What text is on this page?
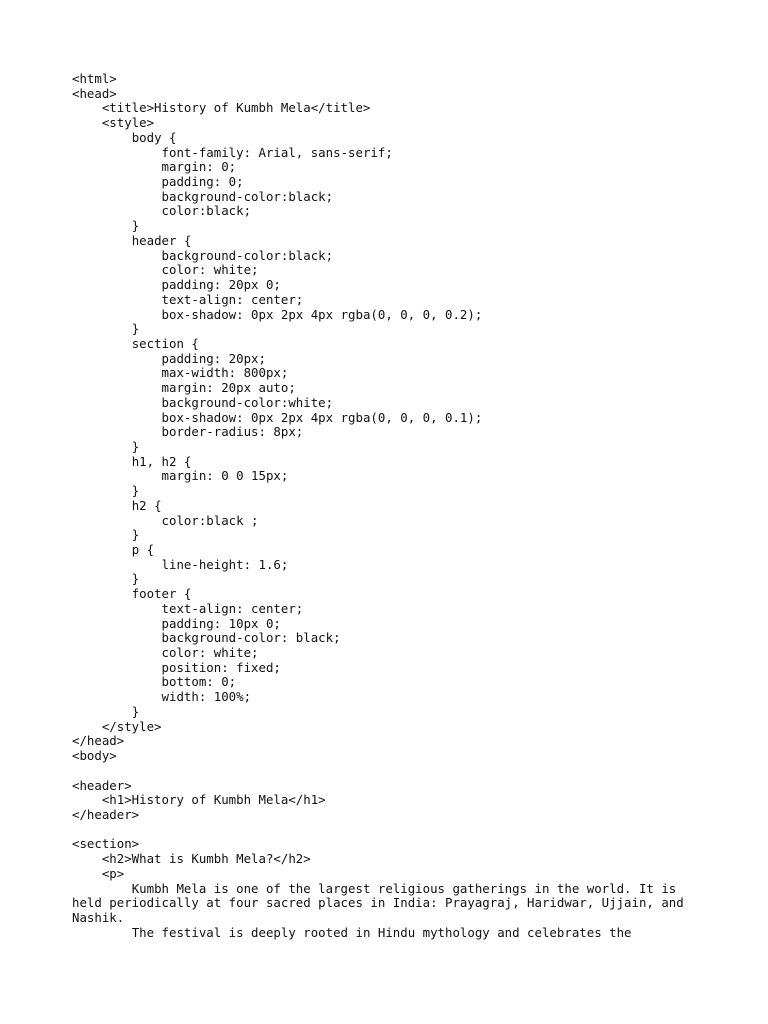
<html>
<head>
<title>History of Kumbh Mela</title>
<style>
body {
font-family: Arial, sans-serif;
margin: 0;
padding: 0;
background-color:black;
color:black;
}
header {
background-color:black;
color: white;
padding: 20px 0;
text-align: center;
box-shadow: 0px 2px 4px rgba(0, 0, 0, 0.2);
}
section {
padding: 20px;
max-width: 800px;
margin: 20px auto;
background-color:white;
box-shadow: 0px 2px 4px rgba(0, 0, 0, 0.1);
border-radius: 8px;
}
h1, h2 {
margin: 0 0 15px;
}
h2 {
color:black ;
}
p {
line-height: 1.6;
}
footer {
text-align: center;
padding: 10px 0;
background-color: black;
color: white;
position: fixed;
bottom: 0;
width: 100%;
}
</style>
</head>
<body>
<header>
<h1>History of Kumbh Mela</h1>
</header>
<section>
<h2>What is Kumbh Mela?</h2>
<p>
Kumbh Mela is one of the largest religious gatherings in the world. It is
held periodically at four sacred places in India: Prayagraj, Haridwar, Ujjain, and
Nashik.
The festival is deeply rooted in Hindu mythology and celebrates the
